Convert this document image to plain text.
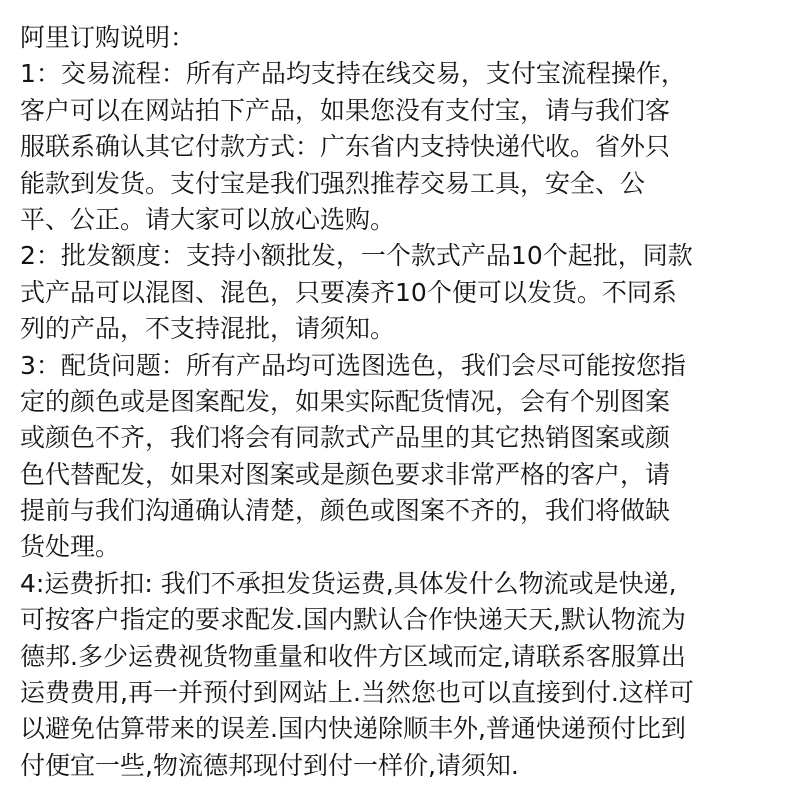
阿里订购说明：
1：交易流程：所有产品均支持在线交易，支付宝流程操作，
客户可以在网站拍下产品，如果您没有支付宝，请与我们客
服联系确认其它付款方式：广东省内支持快递代收。省外只
能款到发货。支付宝是我们强烈推荐交易工具，安全、公
平、公正。请大家可以放心选购。
2：批发额度：支持小额批发，一个款式产品10个起批，同款
式产品可以混图、混色，只要凑齐10个便可以发货。不同系
列的产品，不支持混批，请须知。
3：配货问题：所有产品均可选图选色，我们会尽可能按您指
定的颜色或是图案配发，如果实际配货情况，会有个别图案
或颜色不齐，我们将会有同款式产品里的其它热销图案或颜
色代替配发，如果对图案或是颜色要求非常严格的客户，请
提前与我们沟通确认清楚，颜色或图案不齐的，我们将做缺
货处理。
4:运费折扣: 我们不承担发货运费,具体发什么物流或是快递,
可按客户指定的要求配发.国内默认合作快递天天,默认物流为
德邦.多少运费视货物重量和收件方区域而定,请联系客服算出
运费费用,再一并预付到网站上.当然您也可以直接到付.这样可
以避免估算带来的误差.国内快递除顺丰外,普通快递预付比到
付便宜一些,物流德邦现付到付一样价,请须知.
